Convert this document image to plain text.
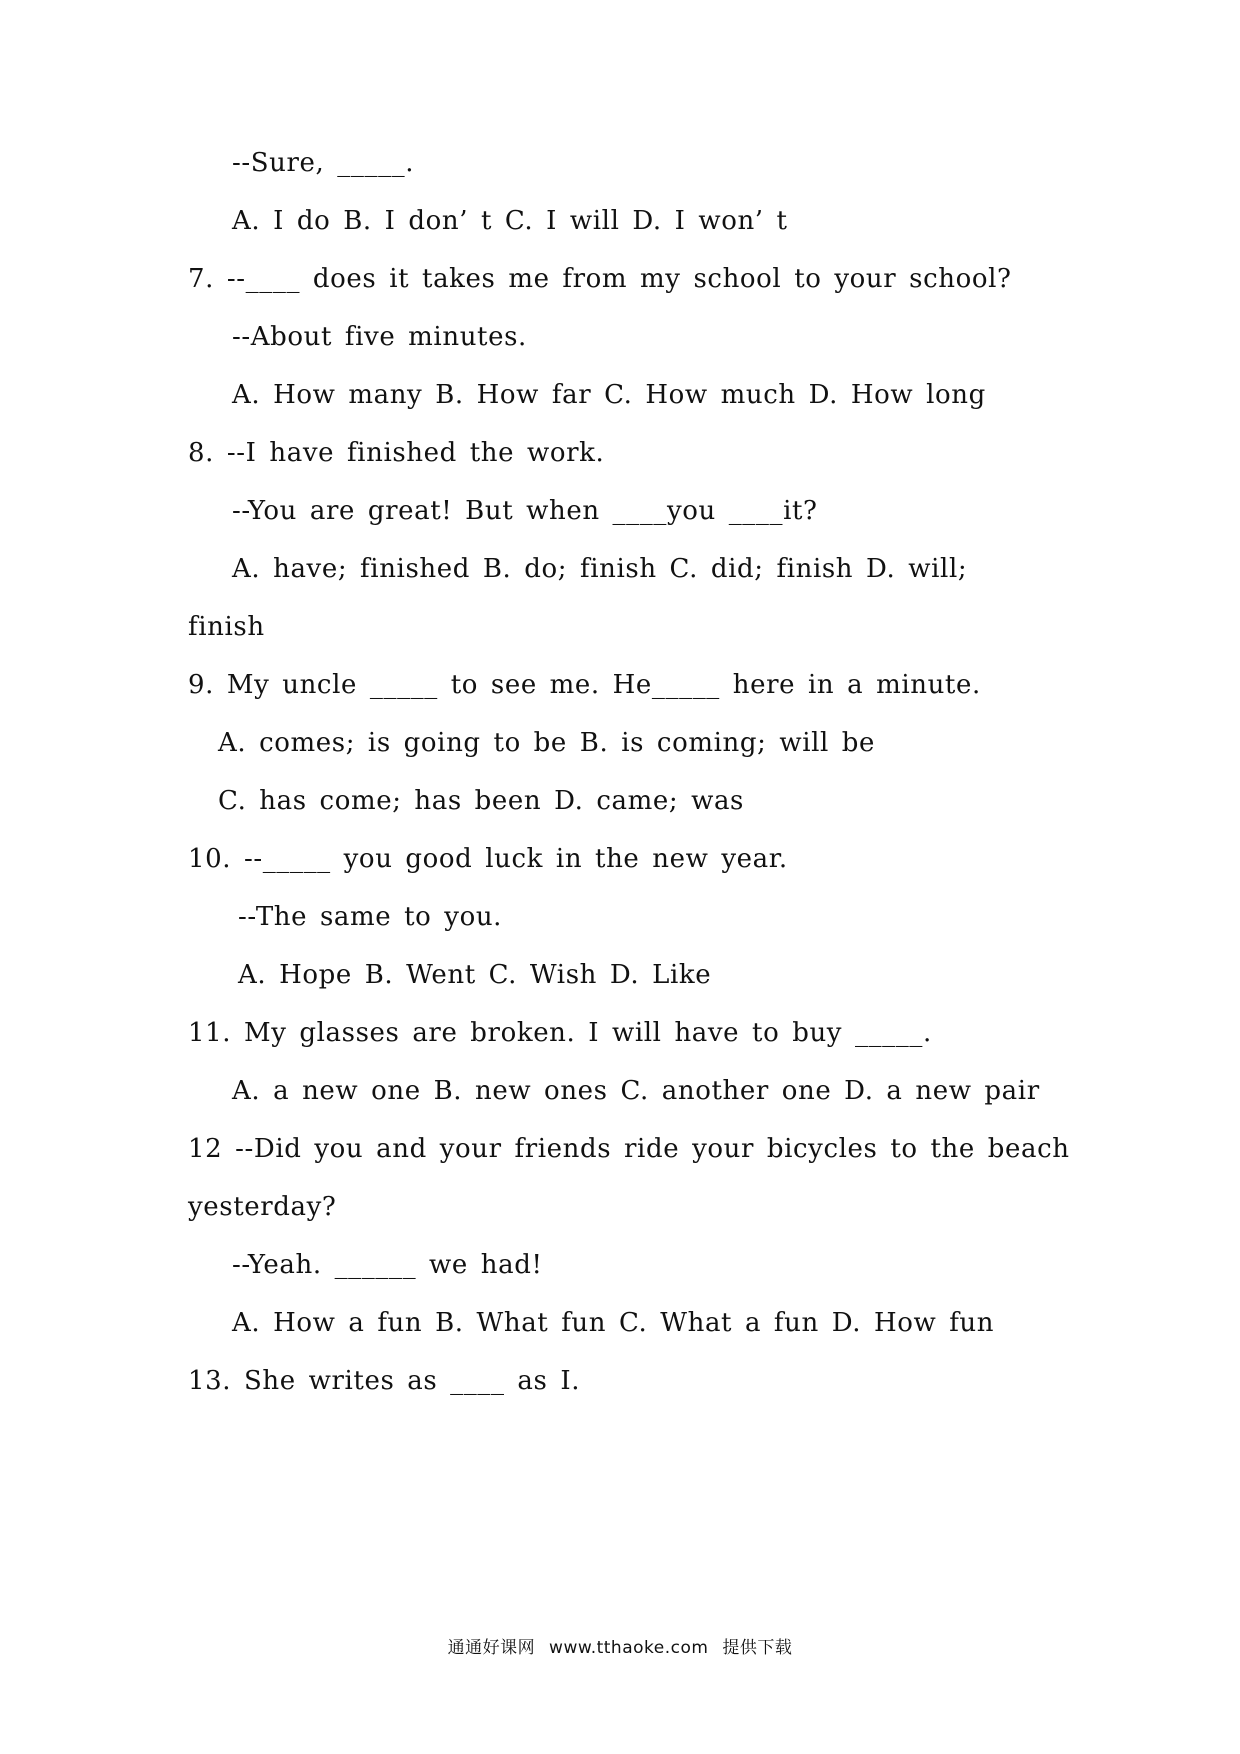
--Sure, _____.
A. I do B. I don’ t C. I will D. I won’ t
7. --____ does it takes me from my school to your school?
--About five minutes.
A. How many B. How far C. How much D. How long
8. --I have finished the work.
--You are great! But when ____you ____it?
A. have; finished B. do; finish C. did; finish D. will;
finish
9. My uncle _____ to see me. He_____ here in a minute.
A. comes; is going to be B. is coming; will be
C. has come; has been D. came; was
10. --_____ you good luck in the new year.
--The same to you.
A. Hope B. Went C. Wish D. Like
11. My glasses are broken. I will have to buy _____.
A. a new one B. new ones C. another one D. a new pair
12 --Did you and your friends ride your bicycles to the beach
yesterday?
--Yeah. ______ we had!
A. How a fun B. What fun C. What a fun D. How fun
13. She writes as ____ as I.
通通好课网 www.tthaoke.com 提供下载
